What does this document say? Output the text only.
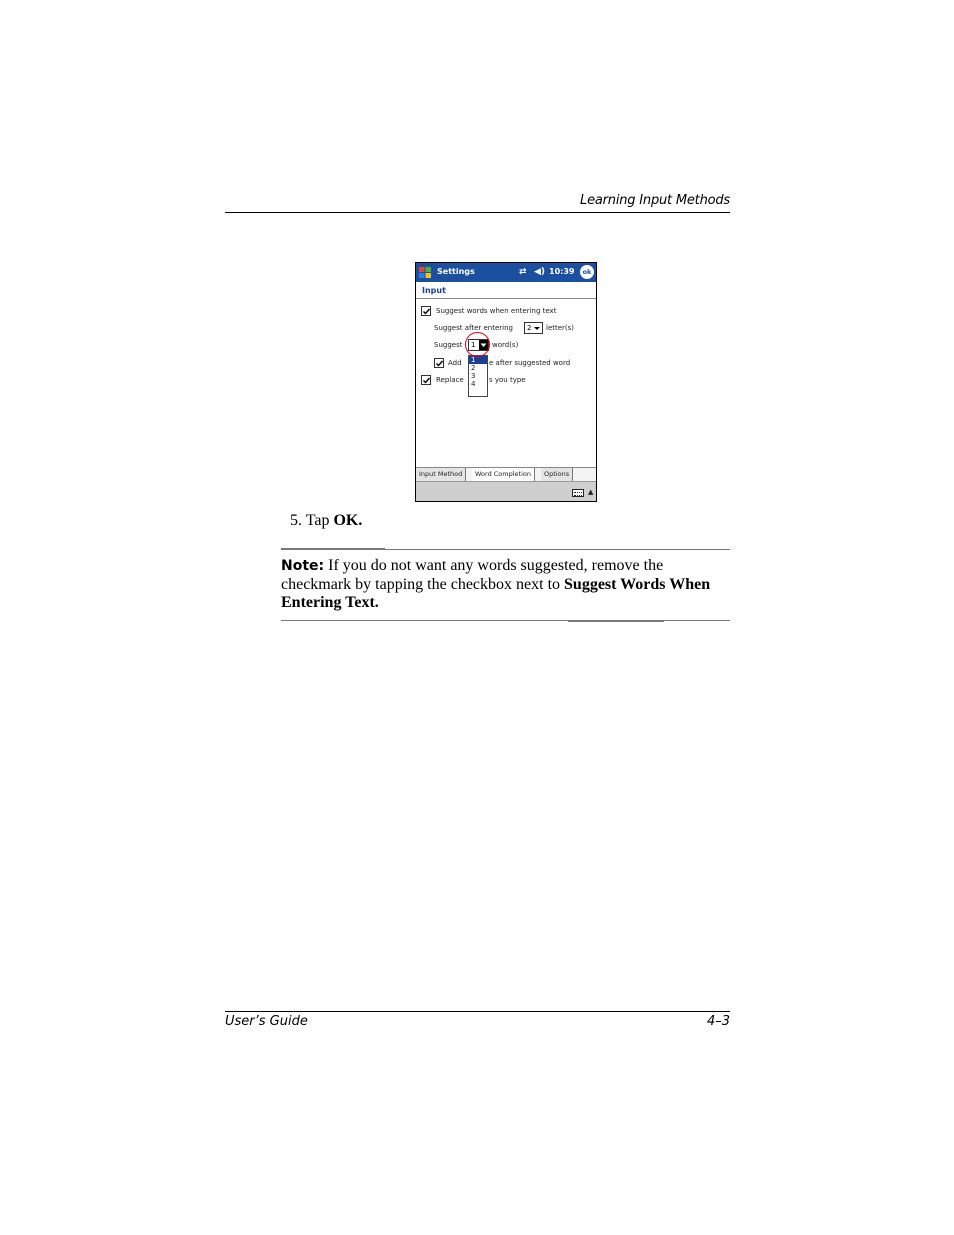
Learning Input Methods
Settings	⇄ ◀) 10:39	ok
Input
Suggest words when entering text
Suggest after entering 2 letter(s)
Suggest 1 word(s)
Add	e after suggested word
Replace	s you type
1
2
3
4
Input Method	Word Completion	Options
▲
5. Tap OK.
Note: If you do not want any words suggested, remove the checkmark by tapping the checkbox next to Suggest Words When Entering Text.
User’s Guide	4–3
